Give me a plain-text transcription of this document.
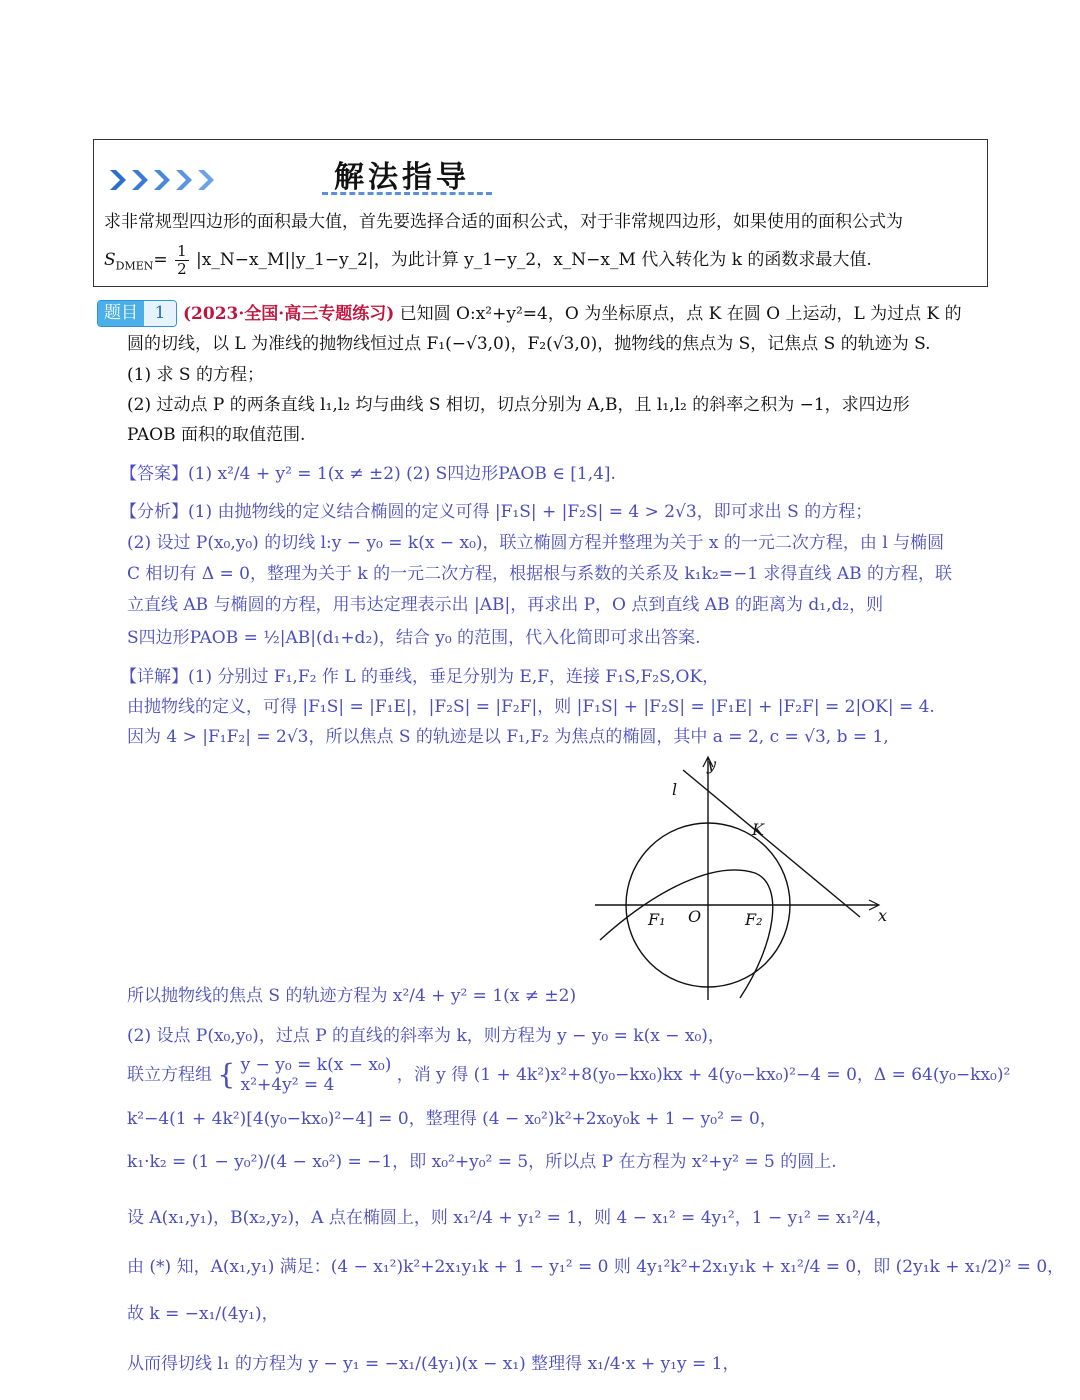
解法指导
求非常规型四边形的面积最大值，首先要选择合适的面积公式，对于非常规四边形，如果使用的面积公式为
$S_{DMEN}= \frac{1}{2}$ |x_N−x_M||y_1−y_2|，为此计算 y_1−y_2，x_N−x_M 代入转化为 k 的函数求最大值.
题目 1	(2023·全国·高三专题练习) 已知圆 O:x²+y²=4，O 为坐标原点，点 K 在圆 O 上运动，L 为过点 K 的
圆的切线，以 L 为准线的抛物线恒过点 F₁(−√3,0)，F₂(√3,0)，抛物线的焦点为 S，记焦点 S 的轨迹为 S.
(1) 求 S 的方程；
(2) 过动点 P 的两条直线 l₁,l₂ 均与曲线 S 相切，切点分别为 A,B，且 l₁,l₂ 的斜率之积为 −1，求四边形
PAOB 面积的取值范围.
【答案】(1) x²/4 + y² = 1(x ≠ ±2) (2) S四边形PAOB ∈ [1,4].
【分析】(1) 由抛物线的定义结合椭圆的定义可得 |F₁S| + |F₂S| = 4 > 2√3，即可求出 S 的方程；
(2) 设过 P(x₀,y₀) 的切线 l:y − y₀ = k(x − x₀)，联立椭圆方程并整理为关于 x 的一元二次方程，由 l 与椭圆
C 相切有 Δ = 0，整理为关于 k 的一元二次方程，根据根与系数的关系及 k₁k₂=−1 求得直线 AB 的方程，联
立直线 AB 与椭圆的方程，用韦达定理表示出 |AB|，再求出 P，O 点到直线 AB 的距离为 d₁,d₂，则
S四边形PAOB = ½|AB|(d₁+d₂)，结合 y₀ 的范围，代入化简即可求出答案.
【详解】(1) 分别过 F₁,F₂ 作 L 的垂线，垂足分别为 E,F，连接 F₁S,F₂S,OK，
由抛物线的定义，可得 |F₁S| = |F₁E|，|F₂S| = |F₂F|，则 |F₁S| + |F₂S| = |F₁E| + |F₂F| = 2|OK| = 4.
因为 4 > |F₁F₂| = 2√3，所以焦点 S 的轨迹是以 F₁,F₂ 为焦点的椭圆，其中 a = 2, c = √3, b = 1,
y
x
l
K
O
F₁	F₂
所以抛物线的焦点 S 的轨迹方程为 x²/4 + y² = 1(x ≠ ±2)
(2) 设点 P(x₀,y₀)，过点 P 的直线的斜率为 k，则方程为 y − y₀ = k(x − x₀)，
联立方程组 { y − y₀ = k(x − x₀)
x²+4y² = 4	，消 y 得 (1 + 4k²)x²+8(y₀−kx₀)kx + 4(y₀−kx₀)²−4 = 0，Δ = 64(y₀−kx₀)²
k²−4(1 + 4k²)[4(y₀−kx₀)²−4] = 0，整理得 (4 − x₀²)k²+2x₀y₀k + 1 − y₀² = 0，
k₁·k₂ = (1 − y₀²)/(4 − x₀²) = −1，即 x₀²+y₀² = 5，所以点 P 在方程为 x²+y² = 5 的圆上.
设 A(x₁,y₁)，B(x₂,y₂)，A 点在椭圆上，则 x₁²/4 + y₁² = 1，则 4 − x₁² = 4y₁²，1 − y₁² = x₁²/4，
由 (*) 知，A(x₁,y₁) 满足：(4 − x₁²)k²+2x₁y₁k + 1 − y₁² = 0 则 4y₁²k²+2x₁y₁k + x₁²/4 = 0，即 (2y₁k + x₁/2)² = 0，
故 k = −x₁/(4y₁)，
从而得切线 l₁ 的方程为 y − y₁ = −x₁/(4y₁)(x − x₁) 整理得 x₁/4·x + y₁y = 1，
